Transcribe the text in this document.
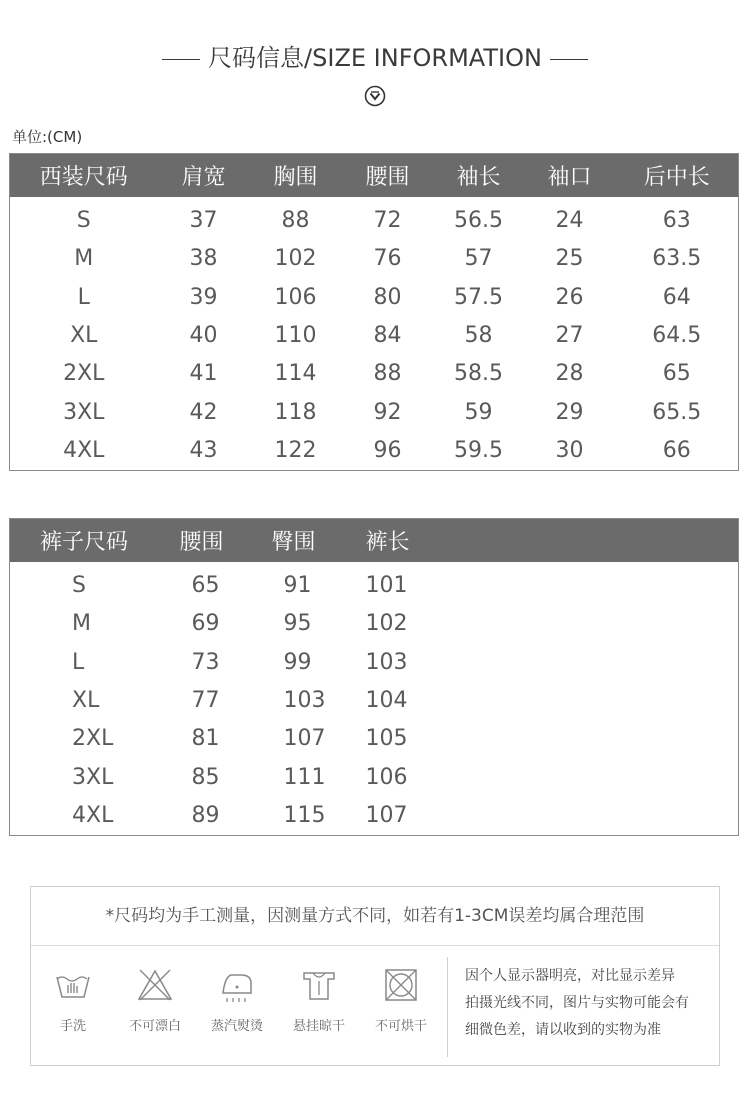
尺码信息/SIZE INFORMATION
单位:(CM)
西装尺码	肩宽	胸围	腰围	袖长	袖口	后中长
S	37	88	72	56.5	24	63
M	38	102	76	57	25	63.5
L	39	106	80	57.5	26	64
XL	40	110	84	58	27	64.5
2XL	41	114	88	58.5	28	65
3XL	42	118	92	59	29	65.5
4XL	43	122	96	59.5	30	66
裤子尺码	腰围	臀围	裤长
S	65	91	101
M	69	95	102
L	73	99	103
XL	77	103	104
2XL	81	107	105
3XL	85	111	106
4XL	89	115	107
*尺码均为手工测量，因测量方式不同，如若有1-3CM误差均属合理范围
手洗	不可漂白	蒸汽熨烫	悬挂晾干	不可烘干
因个人显示器明亮，对比显示差异
拍摄光线不同，图片与实物可能会有
细微色差，请以收到的实物为准
